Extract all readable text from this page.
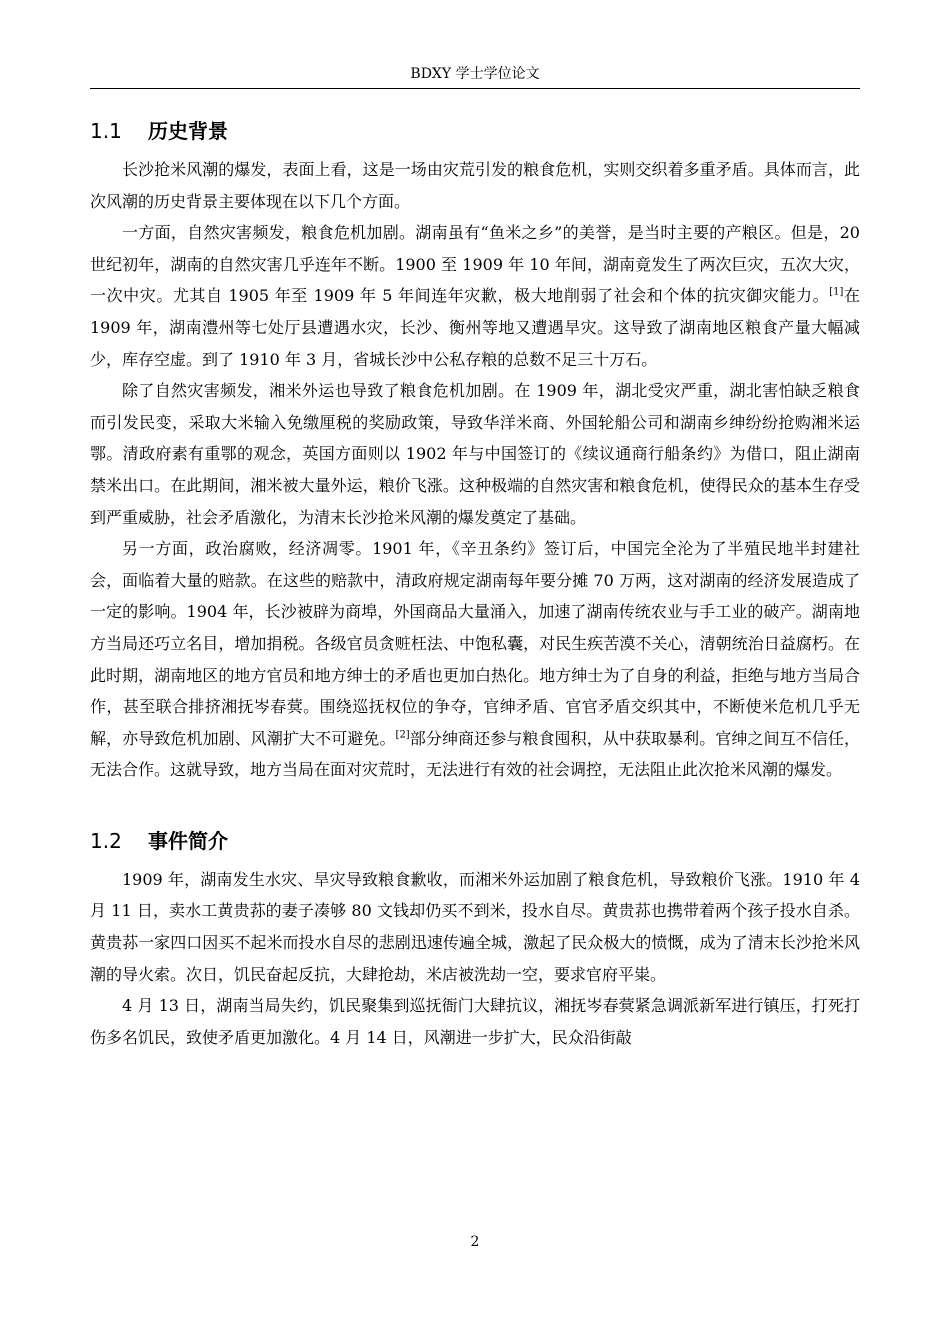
BDXY 学士学位论文
1.1 历史背景

长沙抢米风潮的爆发，表面上看，这是一场由灾荒引发的粮食危机，实则交织着多重矛盾。具体而言，此次风潮的历史背景主要体现在以下几个方面。

一方面，自然灾害频发，粮食危机加剧。湖南虽有“鱼米之乡”的美誉，是当时主要的产粮区。但是，20 世纪初年，湖南的自然灾害几乎连年不断。1900 至 1909 年 10 年间，湖南竟发生了两次巨灾，五次大灾，一次中灾。尤其自 1905 年至 1909 年 5 年间连年灾歉，极大地削弱了社会和个体的抗灾御灾能力。[1]在 1909 年，湖南澧州等七处厅县遭遇水灾，长沙、衡州等地又遭遇旱灾。这导致了湖南地区粮食产量大幅减少，库存空虚。到了 1910 年 3 月，省城长沙中公私存粮的总数不足三十万石。

除了自然灾害频发，湘米外运也导致了粮食危机加剧。在 1909 年，湖北受灾严重，湖北害怕缺乏粮食而引发民变，采取大米输入免缴厘税的奖励政策，导致华洋米商、外国轮船公司和湖南乡绅纷纷抢购湘米运鄂。清政府素有重鄂的观念，英国方面则以 1902 年与中国签订的《续议通商行船条约》为借口，阻止湖南禁米出口。在此期间，湘米被大量外运，粮价飞涨。这种极端的自然灾害和粮食危机，使得民众的基本生存受到严重威胁，社会矛盾激化，为清末长沙抢米风潮的爆发奠定了基础。

另一方面，政治腐败，经济凋零。1901 年，《辛丑条约》签订后，中国完全沦为了半殖民地半封建社会，面临着大量的赔款。在这些的赔款中，清政府规定湖南每年要分摊 70 万两，这对湖南的经济发展造成了一定的影响。1904 年，长沙被辟为商埠，外国商品大量涌入，加速了湖南传统农业与手工业的破产。湖南地方当局还巧立名目，增加捐税。各级官员贪赃枉法、中饱私囊，对民生疾苦漠不关心，清朝统治日益腐朽。在此时期，湖南地区的地方官员和地方绅士的矛盾也更加白热化。地方绅士为了自身的利益，拒绝与地方当局合作，甚至联合排挤湘抚岑春蓂。围绕巡抚权位的争夺，官绅矛盾、官官矛盾交织其中，不断使米危机几乎无解，亦导致危机加剧、风潮扩大不可避免。[2]部分绅商还参与粮食囤积，从中获取暴利。官绅之间互不信任，无法合作。这就导致，地方当局在面对灾荒时，无法进行有效的社会调控，无法阻止此次抢米风潮的爆发。

1.2 事件简介

1909 年，湖南发生水灾、旱灾导致粮食歉收，而湘米外运加剧了粮食危机，导致粮价飞涨。1910 年 4 月 11 日，卖水工黄贵荪的妻子凑够 80 文钱却仍买不到米，投水自尽。黄贵荪也携带着两个孩子投水自杀。黄贵荪一家四口因买不起米而投水自尽的悲剧迅速传遍全城，激起了民众极大的愤慨，成为了清末长沙抢米风潮的导火索。次日，饥民奋起反抗，大肆抢劫，米店被洗劫一空，要求官府平粜。

4 月 13 日，湖南当局失约，饥民聚集到巡抚衙门大肆抗议，湘抚岑春蓂紧急调派新军进行镇压，打死打伤多名饥民，致使矛盾更加激化。4 月 14 日，风潮进一步扩大，民众沿街敲

2
